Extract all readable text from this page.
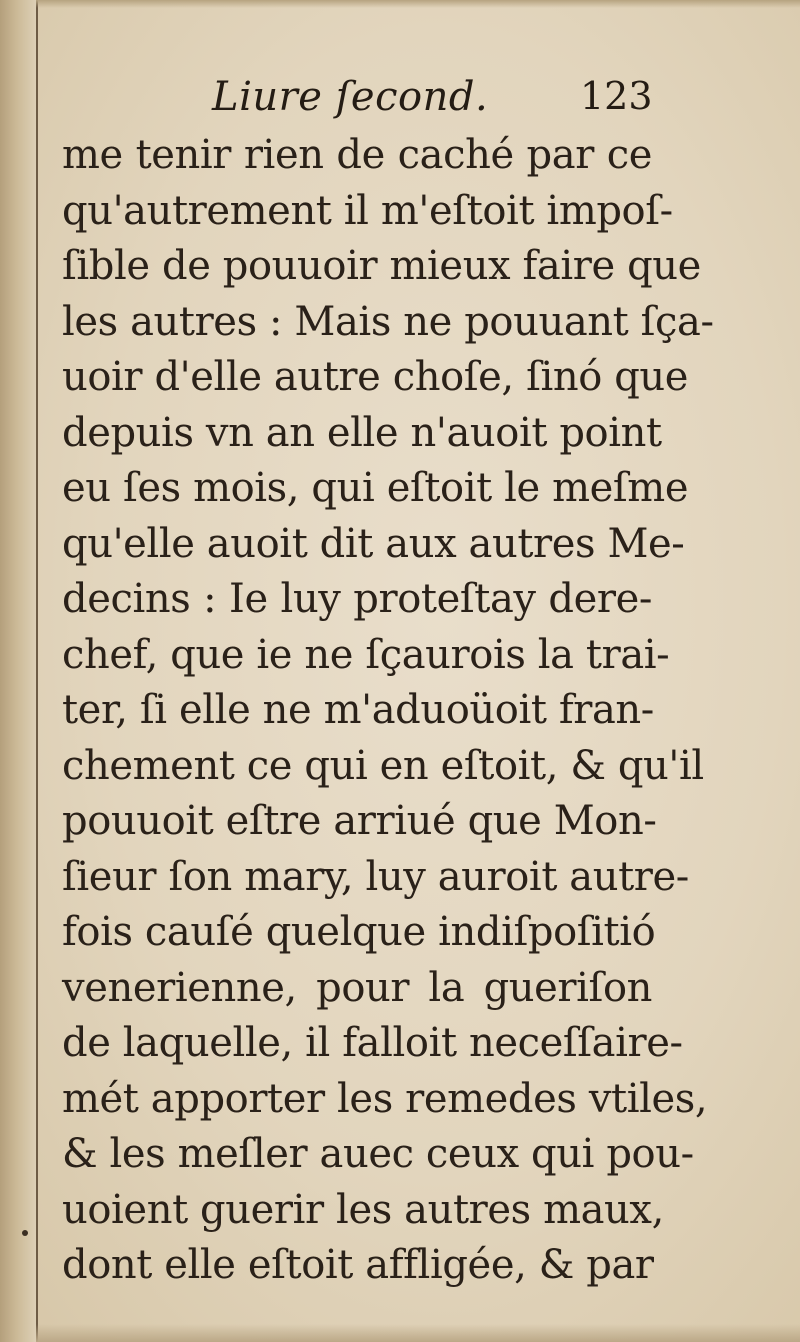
Liure ſecond. 123
me tenir rien de caché par ce
qu'autrement il m'eſtoit impoſ-
ſible de pouuoir mieux faire que
les autres : Mais ne pouuant ſça-
uoir d'elle autre choſe, ſinó que
depuis vn an elle n'auoit point
eu ſes mois, qui eſtoit le meſme
qu'elle auoit dit aux autres Me-
decins : Ie luy proteſtay dere-
chef, que ie ne ſçaurois la trai-
ter, ſi elle ne m'aduoüoit fran-
chement ce qui en eſtoit, & qu'il
pouuoit eſtre arriué que Mon-
ſieur ſon mary, luy auroit autre-
fois cauſé quelque indiſpoſitió
venerienne, pour la gueriſon
de laquelle, il falloit neceſſaire-
mét apporter les remedes vtiles,
& les meſler auec ceux qui pou-
uoient guerir les autres maux,
dont elle eſtoit affligée, & par
